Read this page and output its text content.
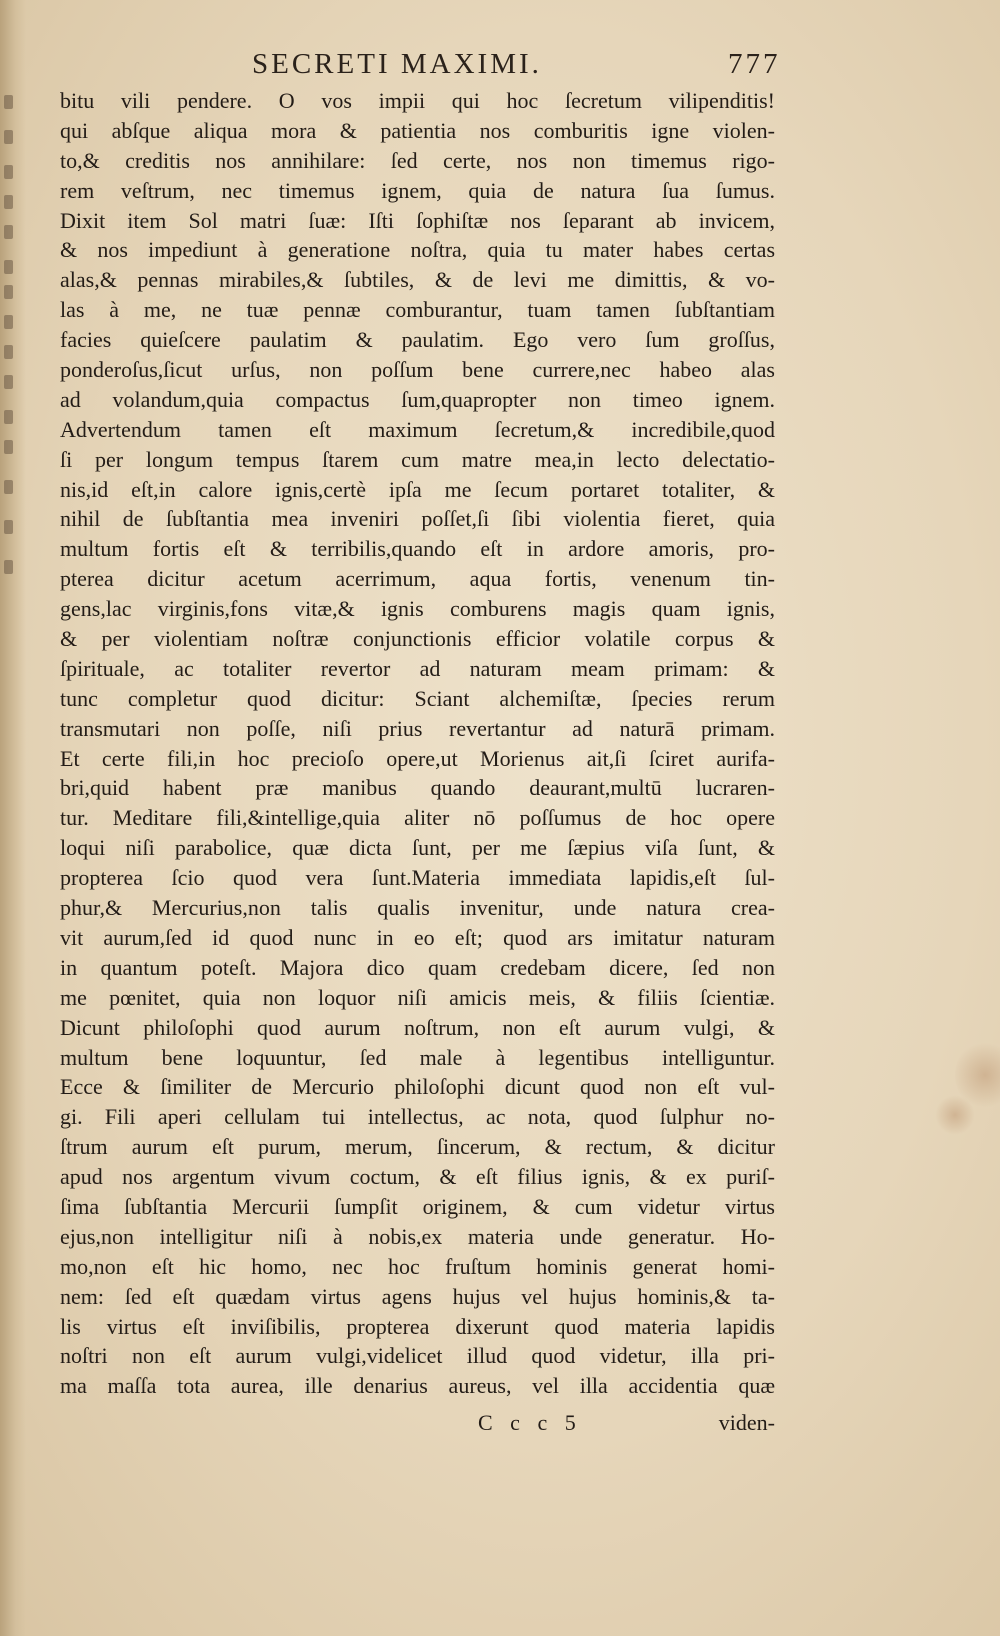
SECRETI MAXIMI.	777
bitu vili pendere. O vos impii qui hoc ſecretum vilipenditis!
qui abſque aliqua mora & patientia nos comburitis igne violen-
to,& creditis nos annihilare: ſed certe, nos non timemus rigo-
rem veſtrum, nec timemus ignem, quia de natura ſua ſumus.
Dixit item Sol matri ſuæ: Iſti ſophiſtæ nos ſeparant ab invicem,
& nos impediunt à generatione noſtra, quia tu mater habes certas
alas,& pennas mirabiles,& ſubtiles, & de levi me dimittis, & vo-
las à me, ne tuæ pennæ comburantur, tuam tamen ſubſtantiam
facies quieſcere paulatim & paulatim. Ego vero ſum groſſus,
ponderoſus,ſicut urſus, non poſſum bene currere,nec habeo alas
ad volandum,quia compactus ſum,quapropter non timeo ignem.
Advertendum tamen eſt maximum ſecretum,& incredibile,quod
ſi per longum tempus ſtarem cum matre mea,in lecto delectatio-
nis,id eſt,in calore ignis,certè ipſa me ſecum portaret totaliter, &
nihil de ſubſtantia mea inveniri poſſet,ſi ſibi violentia fieret, quia
multum fortis eſt & terribilis,quando eſt in ardore amoris, pro-
pterea dicitur acetum acerrimum, aqua fortis, venenum tin-
gens,lac virginis,fons vitæ,& ignis comburens magis quam ignis,
& per violentiam noſtræ conjunctionis efficior volatile corpus &
ſpirituale, ac totaliter revertor ad naturam meam primam: &
tunc completur quod dicitur: Sciant alchemiſtæ, ſpecies rerum
transmutari non poſſe, niſi prius revertantur ad naturā primam.
Et certe fili,in hoc precioſo opere,ut Morienus ait,ſi ſciret aurifa-
bri,quid habent præ manibus quando deaurant,multū lucraren-
tur. Meditare fili,&intellige,quia aliter nō poſſumus de hoc opere
loqui niſi parabolice, quæ dicta ſunt, per me ſæpius viſa ſunt, &
propterea ſcio quod vera ſunt.Materia immediata lapidis,eſt ſul-
phur,& Mercurius,non talis qualis invenitur, unde natura crea-
vit aurum,ſed id quod nunc in eo eſt; quod ars imitatur naturam
in quantum poteſt. Majora dico quam credebam dicere, ſed non
me pœnitet, quia non loquor niſi amicis meis, & filiis ſcientiæ.
Dicunt philoſophi quod aurum noſtrum, non eſt aurum vulgi, &
multum bene loquuntur, ſed male à legentibus intelliguntur.
Ecce & ſimiliter de Mercurio philoſophi dicunt quod non eſt vul-
gi. Fili aperi cellulam tui intellectus, ac nota, quod ſulphur no-
ſtrum aurum eſt purum, merum, ſincerum, & rectum, & dicitur
apud nos argentum vivum coctum, & eſt filius ignis, & ex puriſ-
ſima ſubſtantia Mercurii ſumpſit originem, & cum videtur virtus
ejus,non intelligitur niſi à nobis,ex materia unde generatur. Ho-
mo,non eſt hic homo, nec hoc fruſtum hominis generat homi-
nem: ſed eſt quædam virtus agens hujus vel hujus hominis,& ta-
lis virtus eſt inviſibilis, propterea dixerunt quod materia lapidis
noſtri non eſt aurum vulgi,videlicet illud quod videtur, illa pri-
ma maſſa tota aurea, ille denarius aureus, vel illa accidentia quæ
C c c 5	viden-
